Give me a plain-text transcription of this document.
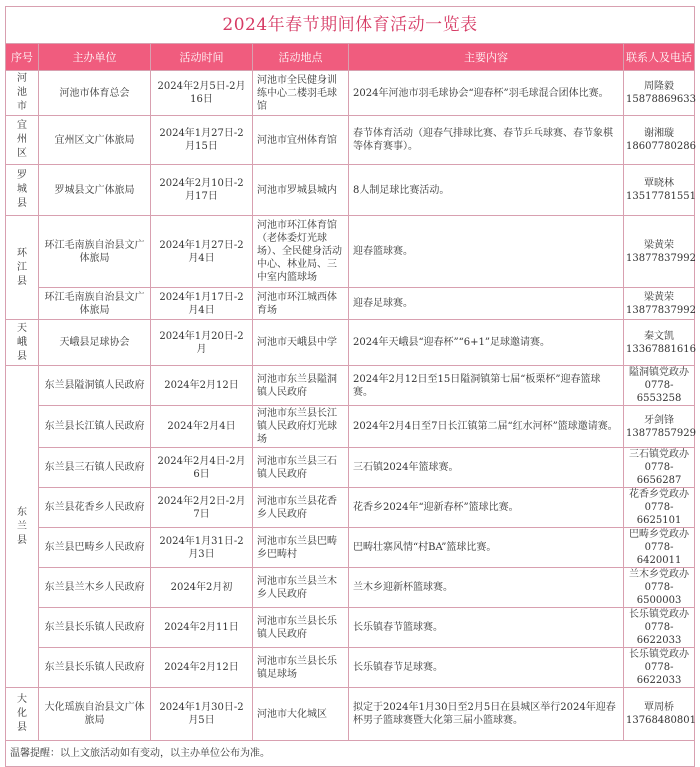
2024年春节期间体育活动一览表					
序号	主办单位	活动时间	活动地点	主要内容	联系人及电话

河池市	河池市体育总会	2024年2月5日-2月16日	河池市全民健身训练中心二楼羽毛球馆	2024年河池市羽毛球协会“迎春杯”羽毛球混合团体比赛。	周隆毅 15878869633

宜州区	宜州区文广体旅局	2024年1月27日-2月15日	河池市宜州体育馆	春节体育活动（迎春气排球比赛、春节乒乓球赛、春节象棋等体育赛事）。	谢湘璇 18607780286

罗城县	罗城县文广体旅局	2024年2月10日-2月17日	河池市罗城县城内	8人制足球比赛活动。	覃晓林 13517781551

环江县	环江毛南族自治县文广体旅局	2024年1月27日-2月4日	河池市环江体育馆（老体委灯光球场）、全民健身活动中心、林业局、三中室内篮球场	迎春篮球赛。	梁黄荣 13877837992
	环江毛南族自治县文广体旅局	2024年1月17日-2月4日	河池市环江城西体育场	迎春足球赛。	梁黄荣 13877837992

天峨县	天峨县足球协会	2024年1月20日-2月	河池市天峨县中学	2024年天峨县“迎春杯”“6+1”足球邀请赛。	秦文凯 13367881616

东兰县	东兰县隘洞镇人民政府	2024年2月12日	河池市东兰县隘洞镇人民政府	2024年2月12日至15日隘洞镇第七届“板栗杯”迎春篮球赛。	隘洞镇党政办 0778-6553258
	东兰县长江镇人民政府	2024年2月4日	河池市东兰县长江镇人民政府灯光球场	2024年2月4日至7日长江镇第二届“红水河杯”篮球邀请赛。	牙剑锋 13877857929
	东兰县三石镇人民政府	2024年2月4日-2月6日	河池市东兰县三石镇人民政府	三石镇2024年篮球赛。	三石镇党政办 0778-6656287
	东兰县花香乡人民政府	2024年2月2日-2月7日	河池市东兰县花香乡人民政府	花香乡2024年“迎新春杯”篮球比赛。	花香乡党政办 0778-6625101
	东兰县巴畴乡人民政府	2024年1月31日-2月3日	河池市东兰县巴畴乡巴畴村	巴畴壮寨风情“村BA”篮球比赛。	巴畴乡党政办 0778-6420011
	东兰县兰木乡人民政府	2024年2月初	河池市东兰县兰木乡人民政府	兰木乡迎新杯篮球赛。	兰木乡党政办 0778-6500003
	东兰县长乐镇人民政府	2024年2月11日	河池市东兰县长乐镇人民政府	长乐镇春节篮球赛。	长乐镇党政办 0778-6622033
	东兰县长乐镇人民政府	2024年2月12日	河池市东兰县长乐镇足球场	长乐镇春节足球赛。	长乐镇党政办 0778-6622033

大化县	大化瑶族自治县文广体旅局	2024年1月30日-2月5日	河池市大化城区	拟定于2024年1月30日至2月5日在县城区举行2024年迎春杯男子篮球赛暨大化第三届小篮球赛。	覃周桥 13768480801
温馨提醒：以上文旅活动如有变动，以主办单位公布为准。					
